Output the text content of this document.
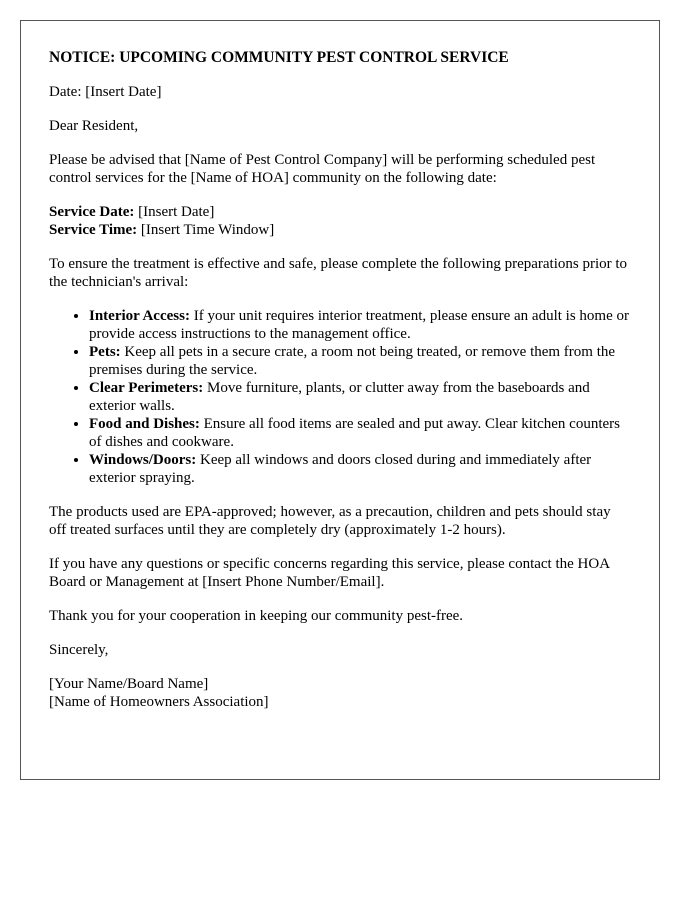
NOTICE: UPCOMING COMMUNITY PEST CONTROL SERVICE

Date: [Insert Date]

Dear Resident,

Please be advised that [Name of Pest Control Company] will be performing scheduled pest control services for the [Name of HOA] community on the following date:

Service Date: [Insert Date]
Service Time: [Insert Time Window]

To ensure the treatment is effective and safe, please complete the following preparations prior to the technician's arrival:

• Interior Access: If your unit requires interior treatment, please ensure an adult is home or provide access instructions to the management office.
• Pets: Keep all pets in a secure crate, a room not being treated, or remove them from the premises during the service.
• Clear Perimeters: Move furniture, plants, or clutter away from the baseboards and exterior walls.
• Food and Dishes: Ensure all food items are sealed and put away. Clear kitchen counters of dishes and cookware.
• Windows/Doors: Keep all windows and doors closed during and immediately after exterior spraying.

The products used are EPA-approved; however, as a precaution, children and pets should stay off treated surfaces until they are completely dry (approximately 1-2 hours).

If you have any questions or specific concerns regarding this service, please contact the HOA Board or Management at [Insert Phone Number/Email].

Thank you for your cooperation in keeping our community pest-free.

Sincerely,

[Your Name/Board Name]
[Name of Homeowners Association]
